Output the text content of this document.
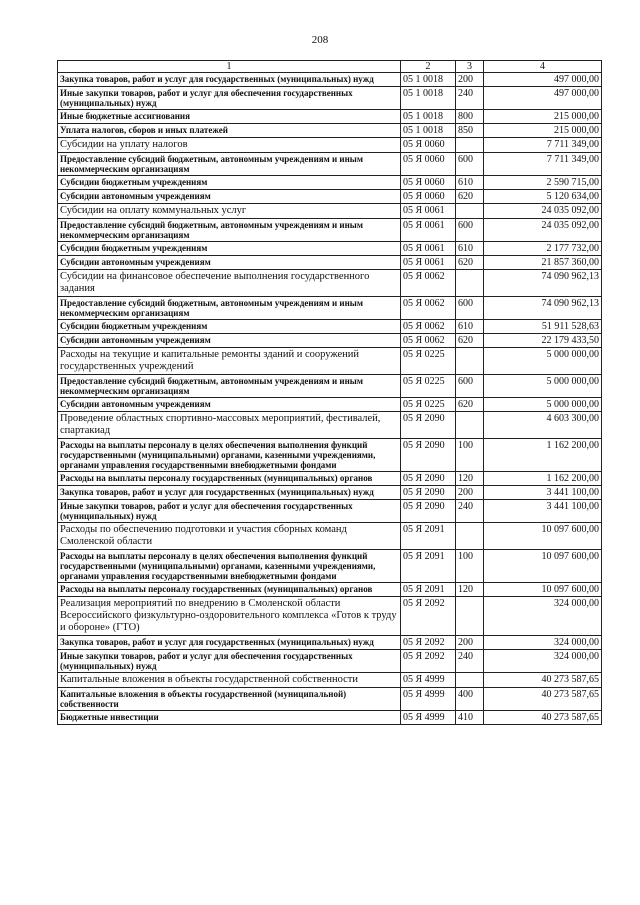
208
1	2	3	4
Закупка товаров, работ и услуг для государственных (муниципальных) нужд	05 1 0018	200	497 000,00
Иные закупки товаров, работ и услуг для обеспечения государственных (муниципальных) нужд	05 1 0018	240	497 000,00
Иные бюджетные ассигнования	05 1 0018	800	215 000,00
Уплата налогов, сборов и иных платежей	05 1 0018	850	215 000,00
Субсидии на уплату налогов	05 Я 0060		7 711 349,00
Предоставление субсидий бюджетным, автономным учреждениям и иным некоммерческим организациям	05 Я 0060	600	7 711 349,00
Субсидии бюджетным учреждениям	05 Я 0060	610	2 590 715,00
Субсидии автономным учреждениям	05 Я 0060	620	5 120 634,00
Субсидии на оплату коммунальных услуг	05 Я 0061		24 035 092,00
Предоставление субсидий бюджетным, автономным учреждениям и иным некоммерческим организациям	05 Я 0061	600	24 035 092,00
Субсидии бюджетным учреждениям	05 Я 0061	610	2 177 732,00
Субсидии автономным учреждениям	05 Я 0061	620	21 857 360,00
Субсидии на финансовое обеспечение выполнения государственного задания	05 Я 0062		74 090 962,13
Предоставление субсидий бюджетным, автономным учреждениям и иным некоммерческим организациям	05 Я 0062	600	74 090 962,13
Субсидии бюджетным учреждениям	05 Я 0062	610	51 911 528,63
Субсидии автономным учреждениям	05 Я 0062	620	22 179 433,50
Расходы на текущие и капитальные ремонты зданий и сооружений государственных учреждений	05 Я 0225		5 000 000,00
Предоставление субсидий бюджетным, автономным учреждениям и иным некоммерческим организациям	05 Я 0225	600	5 000 000,00
Субсидии автономным учреждениям	05 Я 0225	620	5 000 000,00
Проведение областных спортивно-массовых мероприятий, фестивалей, спартакиад	05 Я 2090		4 603 300,00
Расходы на выплаты персоналу в целях обеспечения выполнения функций государственными (муниципальными) органами, казенными учреждениями, органами управления государственными внебюджетными фондами	05 Я 2090	100	1 162 200,00
Расходы на выплаты персоналу государственных (муниципальных) органов	05 Я 2090	120	1 162 200,00
Закупка товаров, работ и услуг для государственных (муниципальных) нужд	05 Я 2090	200	3 441 100,00
Иные закупки товаров, работ и услуг для обеспечения государственных (муниципальных) нужд	05 Я 2090	240	3 441 100,00
Расходы по обеспечению подготовки и участия сборных команд Смоленской области	05 Я 2091		10 097 600,00
Расходы на выплаты персоналу в целях обеспечения выполнения функций государственными (муниципальными) органами, казенными учреждениями, органами управления государственными внебюджетными фондами	05 Я 2091	100	10 097 600,00
Расходы на выплаты персоналу государственных (муниципальных) органов	05 Я 2091	120	10 097 600,00
Реализация мероприятий по внедрению в Смоленской области Всероссийского физкультурно-оздоровительного комплекса «Готов к труду и обороне» (ГТО)	05 Я 2092		324 000,00
Закупка товаров, работ и услуг для государственных (муниципальных) нужд	05 Я 2092	200	324 000,00
Иные закупки товаров, работ и услуг для обеспечения государственных (муниципальных) нужд	05 Я 2092	240	324 000,00
Капитальные вложения в объекты государственной собственности	05 Я 4999		40 273 587,65
Капитальные вложения в объекты государственной (муниципальной) собственности	05 Я 4999	400	40 273 587,65
Бюджетные инвестиции	05 Я 4999	410	40 273 587,65
